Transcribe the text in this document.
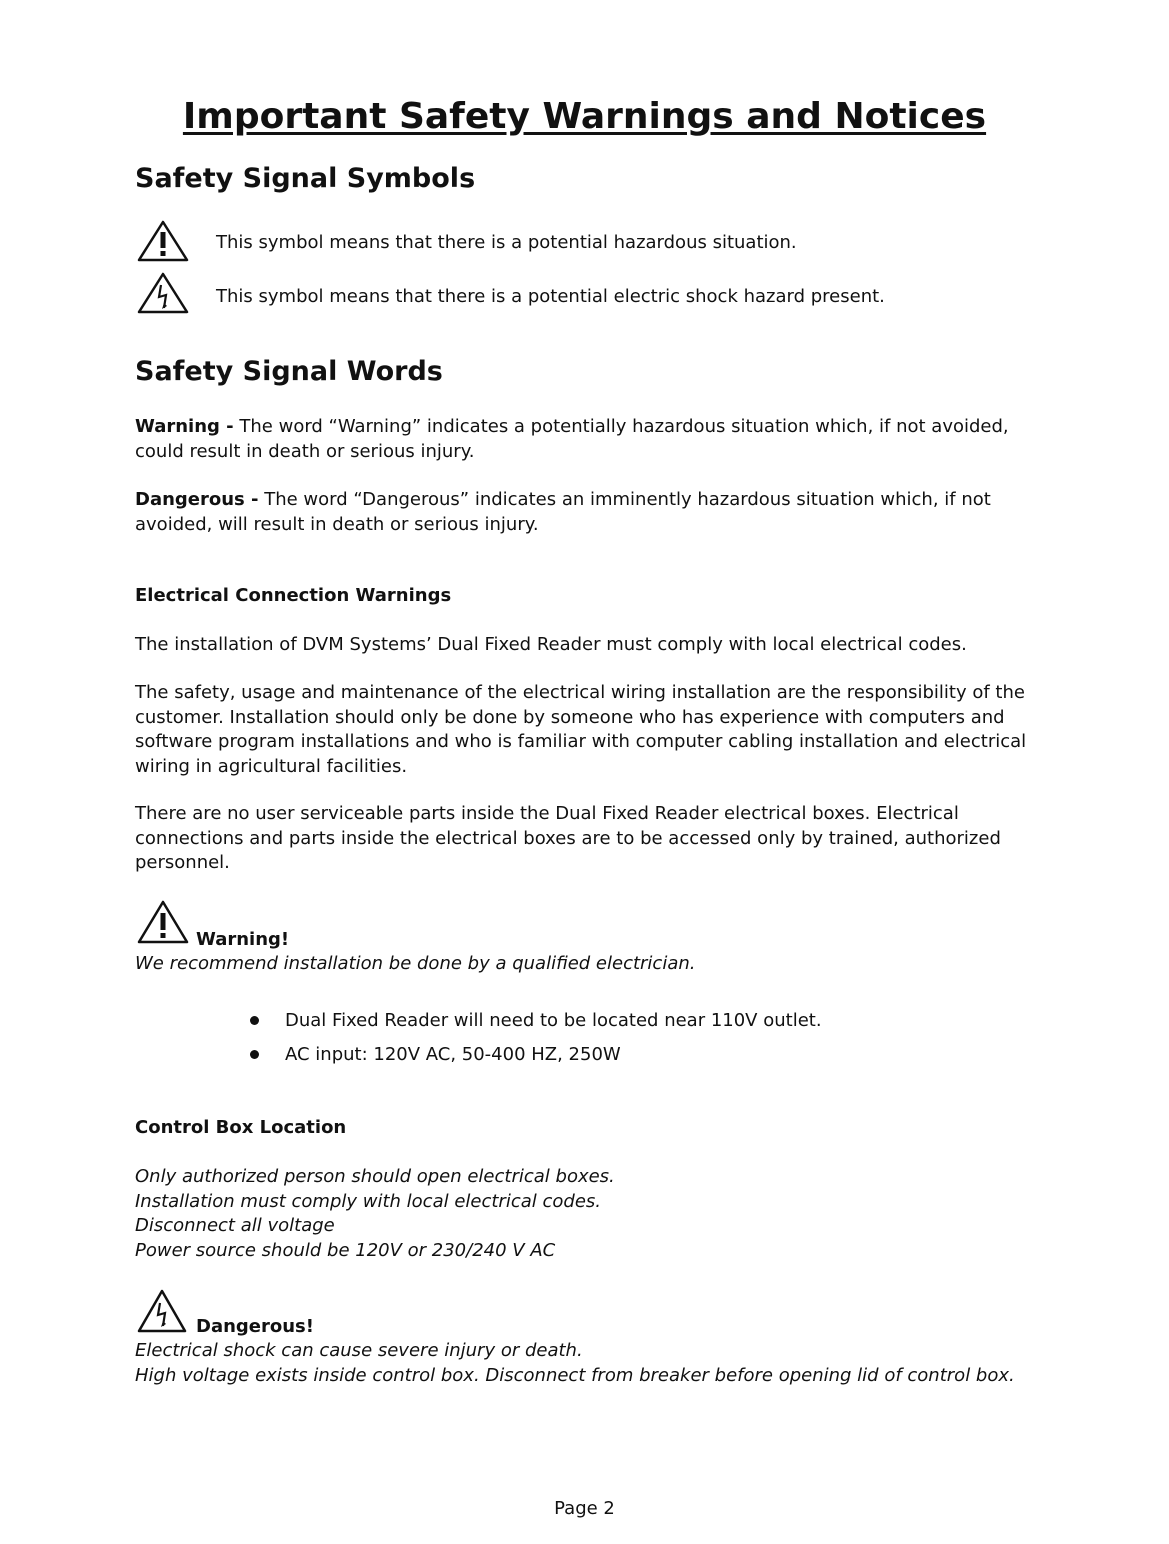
Important Safety Warnings and Notices
Safety Signal Symbols
This symbol means that there is a potential hazardous situation.
This symbol means that there is a potential electric shock hazard present.
Safety Signal Words

Warning - The word “Warning” indicates a potentially hazardous situation which, if not avoided, could result in death or serious injury.

Dangerous - The word “Dangerous” indicates an imminently hazardous situation which, if not avoided, will result in death or serious injury.

Electrical Connection Warnings

The installation of DVM Systems’ Dual Fixed Reader must comply with local electrical codes.

The safety, usage and maintenance of the electrical wiring installation are the responsibility of the customer. Installation should only be done by someone who has experience with computers and software program installations and who is familiar with computer cabling installation and electrical wiring in agricultural facilities.

There are no user serviceable parts inside the Dual Fixed Reader electrical boxes. Electrical connections and parts inside the electrical boxes are to be accessed only by trained, authorized personnel.

Warning!

We recommend installation be done by a qualified electrician.

Dual Fixed Reader will need to be located near 110V outlet.
AC input: 120V AC, 50-400 HZ, 250W
Control Box Location

Only authorized person should open electrical boxes.
Installation must comply with local electrical codes.
Disconnect all voltage
Power source should be 120V or 230/240 V AC

Dangerous!

Electrical shock can cause severe injury or death.
High voltage exists inside control box. Disconnect from breaker before opening lid of control box.

Page 2
